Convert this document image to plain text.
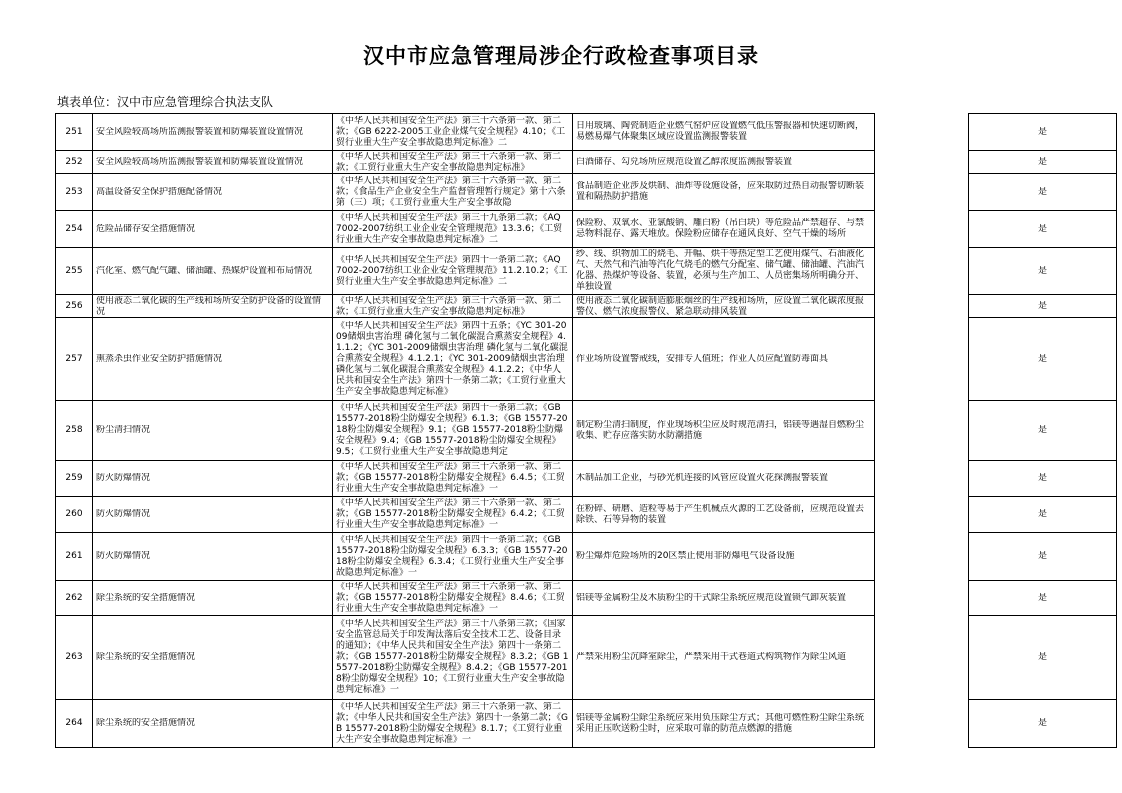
汉中市应急管理局涉企行政检查事项目录
填表单位：汉中市应急管理综合执法支队
251	安全风险较高场所监测报警装置和防爆装置设置情况	《中华人民共和国安全生产法》第三十六条第一款、第二款；《GB 6222-2005工业企业煤气安全规程》4.10；《工贸行业重大生产安全事故隐患判定标准》二	日用玻璃、陶瓷制造企业燃气窑炉应设置燃气低压警报器和快速切断阀，易燃易爆气体聚集区域应设置监测报警装置		是

252	安全风险较高场所监测报警装置和防爆装置设置情况	《中华人民共和国安全生产法》第三十六条第一款、第二款；《工贸行业重大生产安全事故隐患判定标准》	白酒储存、勾兑场所应规范设置乙醇浓度监测报警装置		是

253	高温设备安全保护措施配备情况	《中华人民共和国安全生产法》第三十六条第一款、第二款；《食品生产企业安全生产监督管理暂行规定》第十六条第（三）项；《工贸行业重大生产安全事故隐	食品制造企业涉及烘制、油炸等设施设备，应采取防过热自动报警切断装置和隔热防护措施		是

254	危险品储存安全措施情况	《中华人民共和国安全生产法》第三十九条第二款；《AQ 7002-2007纺织工业企业安全管理规范》13.3.6；《工贸行业重大生产安全事故隐患判定标准》二	保险粉、双氧水、亚氯酸钠、雕白粉（吊白块）等危险品严禁超存、与禁忌物料混存、露天堆放。保险粉应储存在通风良好、空气干燥的场所		是

255	汽化室、燃气配气罐、储油罐、热媒炉设置和布局情况	《中华人民共和国安全生产法》第四十一条第二款；《AQ 7002-2007纺织工业企业安全管理规范》11.2.10.2；《工贸行业重大生产安全事故隐患判定标准》二	纱、线、织物加工的烧毛、开幅、烘干等热定型工艺使用煤气、石油液化气、天然气和汽油等汽化气烧毛的燃气分配室、储气罐、储油罐、汽油汽化器、热煤炉等设备、装置，必须与生产加工、人员密集场所明确分开、单独设置		是

256	使用液态二氧化碳的生产线和场所安全防护设备的设置情况	《中华人民共和国安全生产法》第三十六条第一款、第二款；《工贸行业重大生产安全事故隐患判定标准》	使用液态二氧化碳制造膨胀烟丝的生产线和场所，应设置二氧化碳浓度报警仪、燃气浓度报警仪、紧急联动排风装置		是

257	熏蒸杀虫作业安全防护措施情况	《中华人民共和国安全生产法》第四十五条；《YC 301-2009储烟虫害治理 磷化氢与二氧化碳混合熏蒸安全规程》4.1.1.2；《YC 301-2009储烟虫害治理 磷化氢与二氧化碳混合熏蒸安全规程》4.1.2.1；《YC 301-2009储烟虫害治理 磷化氢与二氧化碳混合熏蒸安全规程》4.1.2.2；《中华人民共和国安全生产法》第四十一条第二款；《工贸行业重大生产安全事故隐患判定标准》	作业场所设置警戒线，安排专人值班；作业人员应配置防毒面具		是

258	粉尘清扫情况	《中华人民共和国安全生产法》第四十一条第二款；《GB 15577-2018粉尘防爆安全规程》6.1.3；《GB 15577-2018粉尘防爆安全规程》9.1；《GB 15577-2018粉尘防爆安全规程》9.4；《GB 15577-2018粉尘防爆安全规程》9.5；《工贸行业重大生产安全事故隐患判定	制定粉尘清扫制度，作业现场积尘应及时规范清扫，铝镁等遇湿自燃粉尘收集、贮存应落实防水防潮措施		是

259	防火防爆情况	《中华人民共和国安全生产法》第三十六条第一款、第二款；《GB 15577-2018粉尘防爆安全规程》6.4.5；《工贸行业重大生产安全事故隐患判定标准》一	木制品加工企业，与砂光机连接的风管应设置火花探测报警装置		是

260	防火防爆情况	《中华人民共和国安全生产法》第三十六条第一款、第二款；《GB 15577-2018粉尘防爆安全规程》6.4.2；《工贸行业重大生产安全事故隐患判定标准》一	在粉碎、研磨、造粒等易于产生机械点火源的工艺设备前，应规范设置去除铁、石等异物的装置		是

261	防火防爆情况	《中华人民共和国安全生产法》第四十一条第二款；《GB 15577-2018粉尘防爆安全规程》6.3.3；《GB 15577-2018粉尘防爆安全规程》6.3.4；《工贸行业重大生产安全事故隐患判定标准》一	粉尘爆炸危险场所的20区禁止使用非防爆电气设备设施		是

262	除尘系统的安全措施情况	《中华人民共和国安全生产法》第三十六条第一款、第二款；《GB 15577-2018粉尘防爆安全规程》8.4.6；《工贸行业重大生产安全事故隐患判定标准》一	铝镁等金属粉尘及木质粉尘的干式除尘系统应规范设置锁气卸灰装置		是

263	除尘系统的安全措施情况	《中华人民共和国安全生产法》第三十八条第三款；《国家安全监管总局关于印发淘汰落后安全技术工艺、设备目录的通知》；《中华人民共和国安全生产法》第四十一条第二款；《GB 15577-2018粉尘防爆安全规程》8.3.2；《GB 15577-2018粉尘防爆安全规程》8.4.2；《GB 15577-2018粉尘防爆安全规程》10；《工贸行业重大生产安全事故隐患判定标准》一	严禁采用粉尘沉降室除尘，严禁采用干式巷道式构筑物作为除尘风道		是

264	除尘系统的安全措施情况	《中华人民共和国安全生产法》第三十六条第一款、第二款；《中华人民共和国安全生产法》第四十一条第二款；《GB 15577-2018粉尘防爆安全规程》8.1.7；《工贸行业重大生产安全事故隐患判定标准》一	铝镁等金属粉尘除尘系统应采用负压除尘方式；其他可燃性粉尘除尘系统采用正压吹送粉尘时，应采取可靠的防范点燃源的措施		是
